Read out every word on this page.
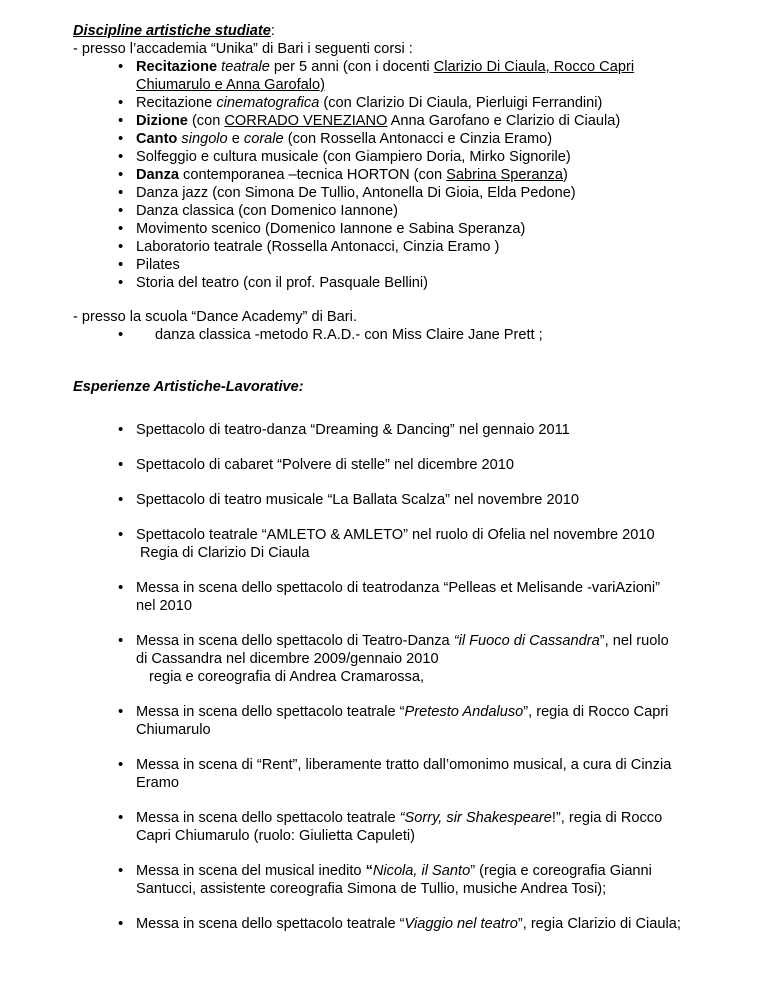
Discipline artistiche studiate:
- presso l’accademia “Unika” di Bari i seguenti corsi :
• Recitazione teatrale per 5 anni (con i docenti Clarizio Di Ciaula, Rocco Capri Chiumarulo e Anna Garofalo)
• Recitazione cinematografica (con Clarizio Di Ciaula, Pierluigi Ferrandini)
• Dizione (con CORRADO VENEZIANO Anna Garofano e Clarizio di Ciaula)
• Canto singolo e corale (con Rossella Antonacci e Cinzia Eramo)
• Solfeggio e cultura musicale (con Giampiero Doria, Mirko Signorile)
• Danza contemporanea –tecnica HORTON (con Sabrina Speranza)
• Danza jazz (con Simona De Tullio, Antonella Di Gioia, Elda Pedone)
• Danza classica (con Domenico Iannone)
• Movimento scenico (Domenico Iannone e Sabina Speranza)
• Laboratorio teatrale (Rossella Antonacci, Cinzia Eramo )
• Pilates
• Storia del teatro (con il prof. Pasquale Bellini)
- presso la scuola “Dance Academy” di Bari.
• danza classica -metodo R.A.D.- con Miss Claire Jane Prett ;
Esperienze Artistiche-Lavorative:
• Spettacolo di teatro-danza “Dreaming & Dancing” nel gennaio 2011
• Spettacolo di cabaret “Polvere di stelle” nel dicembre 2010
• Spettacolo di teatro musicale “La Ballata Scalza” nel novembre 2010
• Spettacolo teatrale “AMLETO & AMLETO” nel ruolo di Ofelia nel novembre 2010
Regia di Clarizio Di Ciaula
• Messa in scena dello spettacolo di teatrodanza “Pelleas et Melisande -variAzioni” nel 2010
• Messa in scena dello spettacolo di Teatro-Danza “il Fuoco di Cassandra”, nel ruolo di Cassandra nel dicembre 2009/gennaio 2010
regia e coreografia di Andrea Cramarossa,
• Messa in scena dello spettacolo teatrale “Pretesto Andaluso”, regia di Rocco Capri Chiumarulo
• Messa in scena di “Rent”, liberamente tratto dall’omonimo musical, a cura di Cinzia Eramo
• Messa in scena dello spettacolo teatrale “Sorry, sir Shakespeare!”, regia di Rocco Capri Chiumarulo (ruolo: Giulietta Capuleti)
• Messa in scena del musical inedito “Nicola, il Santo” (regia e coreografia Gianni Santucci, assistente coreografia Simona de Tullio, musiche Andrea Tosi);
• Messa in scena dello spettacolo teatrale “Viaggio nel teatro”, regia Clarizio di Ciaula;
